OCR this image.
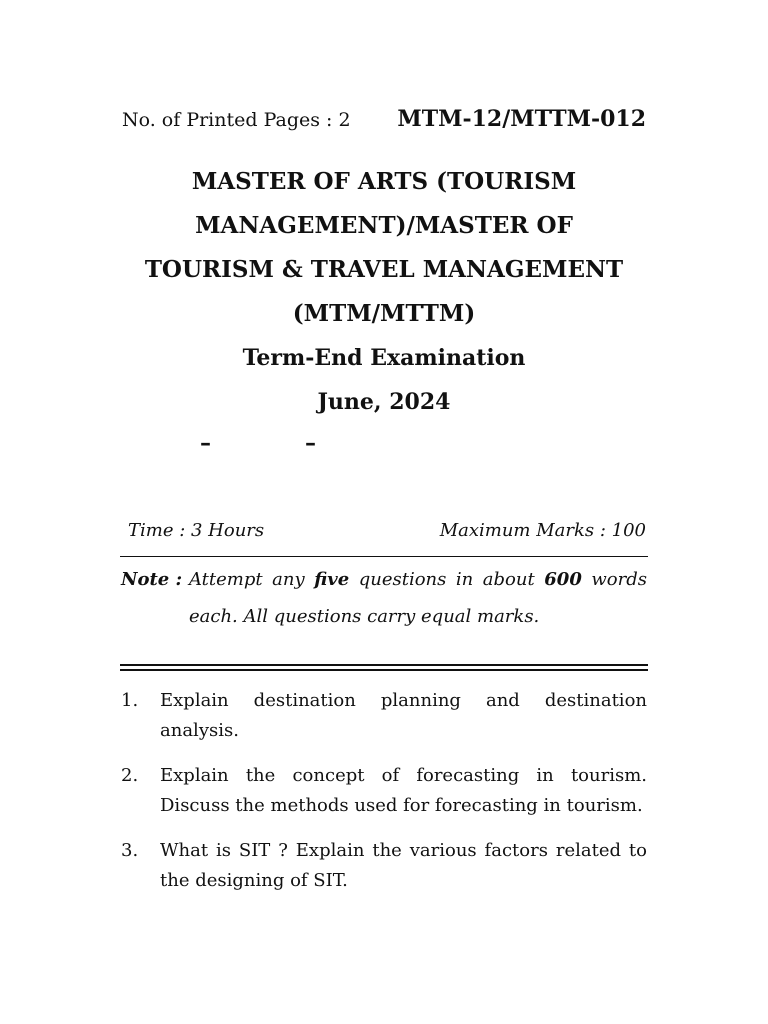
No. of Printed Pages : 2 MTM-12/MTTM-012

MASTER OF ARTS (TOURISM

MANAGEMENT)/MASTER OF

TOURISM & TRAVEL MANAGEMENT

(MTM/MTTM)

Term-End Examination

June, 2024

–	–
Time : 3 Hours	Maximum Marks : 100
Note : Attempt any five questions in about 600 words each. All questions carry equal marks.
1.	Explain destination planning and destination analysis.
2.	Explain the concept of forecasting in tourism. Discuss the methods used for forecasting in tourism.
3.	What is SIT ? Explain the various factors related to the designing of SIT.
